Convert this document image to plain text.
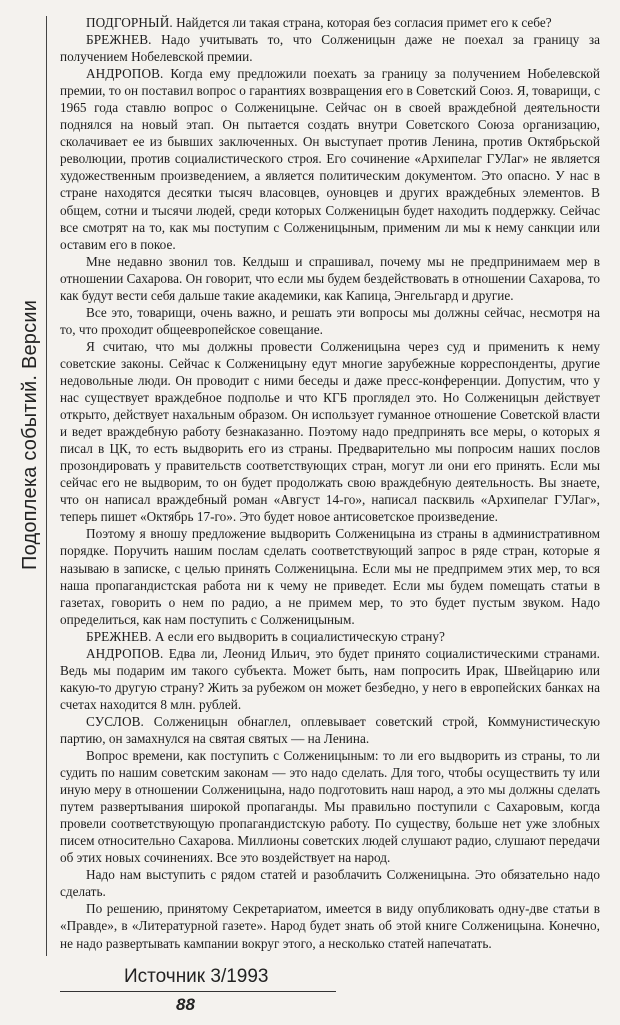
Подоплека событий. Версии

ПОДГОРНЫЙ. Найдется ли такая страна, которая без согласия примет его к себе?

БРЕЖНЕВ. Надо учитывать то, что Солженицын даже не поехал за границу за получением Нобелевской премии.

АНДРОПОВ. Когда ему предложили поехать за границу за получением Нобелевской премии, то он поставил вопрос о гарантиях возвращения его в Советский Союз. Я, товарищи, с 1965 года ставлю вопрос о Солженицыне. Сейчас он в своей враждебной деятельности поднялся на новый этап. Он пытается создать внутри Советского Союза организацию, сколачивает ее из бывших заключенных. Он выступает против Ленина, против Октябрьской революции, против социалистического строя. Его сочинение «Архипелаг ГУЛаг» не является художественным произведением, а является политическим документом. Это опасно. У нас в стране находятся десятки тысяч власовцев, оуновцев и других враждебных элементов. В общем, сотни и тысячи людей, среди которых Солженицын будет находить поддержку. Сейчас все смотрят на то, как мы поступим с Солженицыным, применим ли мы к нему санкции или оставим его в покое.

Мне недавно звонил тов. Келдыш и спрашивал, почему мы не предпринимаем мер в отношении Сахарова. Он говорит, что если мы будем бездействовать в отношении Сахарова, то как будут вести себя дальше такие академики, как Капица, Энгельгард и другие.

Все это, товарищи, очень важно, и решать эти вопросы мы должны сейчас, несмотря на то, что проходит общеевропейское совещание.

Я считаю, что мы должны провести Солженицына через суд и применить к нему советские законы. Сейчас к Солженицыну едут многие зарубежные корреспонденты, другие недовольные люди. Он проводит с ними беседы и даже пресс-конференции. Допустим, что у нас существует враждебное подполье и что КГБ проглядел это. Но Солженицын действует открыто, действует нахальным образом. Он использует гуманное отношение Советской власти и ведет враждебную работу безнаказанно. Поэтому надо предпринять все меры, о которых я писал в ЦК, то есть выдворить его из страны. Предварительно мы попросим наших послов прозондировать у правительств соответствующих стран, могут ли они его принять. Если мы сейчас его не выдворим, то он будет продолжать свою враждебную деятельность. Вы знаете, что он написал враждебный роман «Август 14-го», написал пасквиль «Архипелаг ГУЛаг», теперь пишет «Октябрь 17-го». Это будет новое антисоветское произведение.

Поэтому я вношу предложение выдворить Солженицына из страны в административном порядке. Поручить нашим послам сделать соответствующий запрос в ряде стран, которые я называю в записке, с целью принять Солженицына. Если мы не предпримем этих мер, то вся наша пропагандистская работа ни к чему не приведет. Если мы будем помещать статьи в газетах, говорить о нем по радио, а не примем мер, то это будет пустым звуком. Надо определиться, как нам поступить с Солженицыным.

БРЕЖНЕВ. А если его выдворить в социалистическую страну?

АНДРОПОВ. Едва ли, Леонид Ильич, это будет принято социалистическими странами. Ведь мы подарим им такого субъекта. Может быть, нам попросить Ирак, Швейцарию или какую-то другую страну? Жить за рубежом он может безбедно, у него в европейских банках на счетах находится 8 млн. рублей.

СУСЛОВ. Солженицын обнаглел, оплевывает советский строй, Коммунистическую партию, он замахнулся на святая святых — на Ленина.

Вопрос времени, как поступить с Солженицыным: то ли его выдворить из страны, то ли судить по нашим советским законам — это надо сделать. Для того, чтобы осуществить ту или иную меру в отношении Солженицына, надо подготовить наш народ, а это мы должны сделать путем развертывания широкой пропаганды. Мы правильно поступили с Сахаровым, когда провели соответствующую пропагандистскую работу. По существу, больше нет уже злобных писем относительно Сахарова. Миллионы советских людей слушают радио, слушают передачи об этих новых сочинениях. Все это воздействует на народ.

Надо нам выступить с рядом статей и разоблачить Солженицына. Это обязательно надо сделать.

По решению, принятому Секретариатом, имеется в виду опубликовать одну-две статьи в «Правде», в «Литературной газете». Народ будет знать об этой книге Солженицына. Конечно, не надо развертывать кампании вокруг этого, а несколько статей напечатать.

Источник 3/1993
88
